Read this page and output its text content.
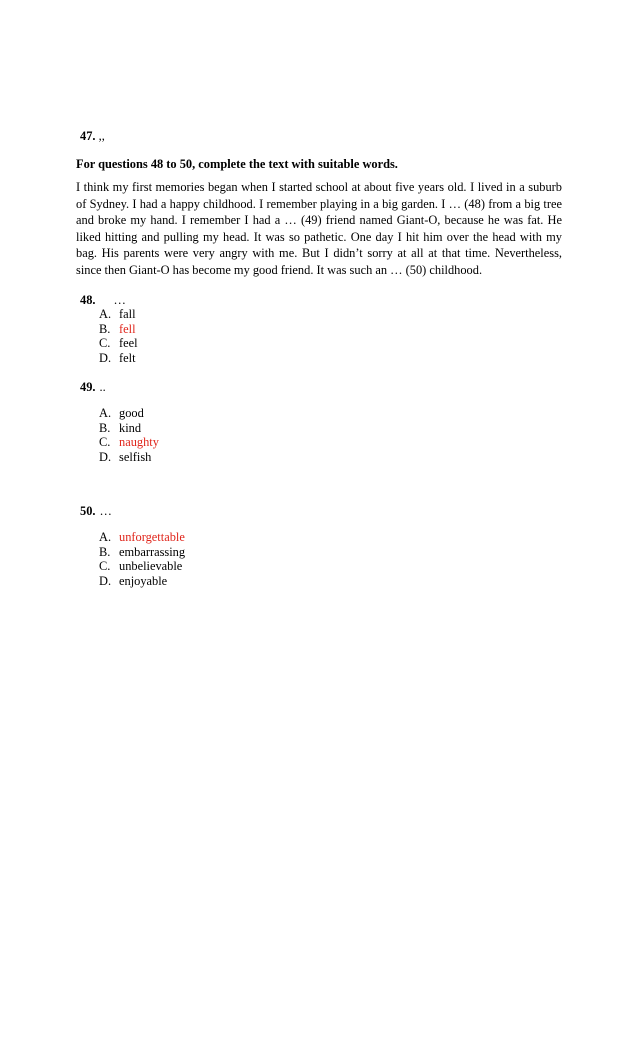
47. ,,
For questions 48 to 50, complete the text with suitable words.
I think my first memories began when I started school at about five years old. I lived in a suburb of Sydney. I had a happy childhood. I remember playing in a big garden. I … (48) from a big tree and broke my hand. I remember I had a … (49) friend named Giant-O, because he was fat. He liked hitting and pulling my head. It was so pathetic. One day I hit him over the head with my bag. His parents were very angry with me. But I didn’t sorry at all at that time. Nevertheless, since then Giant-O has become my good friend. It was such an … (50) childhood.
48. …
A. fall
B. fell
C. feel
D. felt
49. ..
A. good
B. kind
C. naughty
D. selfish
50. …
A. unforgettable
B. embarrassing
C. unbelievable
D. enjoyable
